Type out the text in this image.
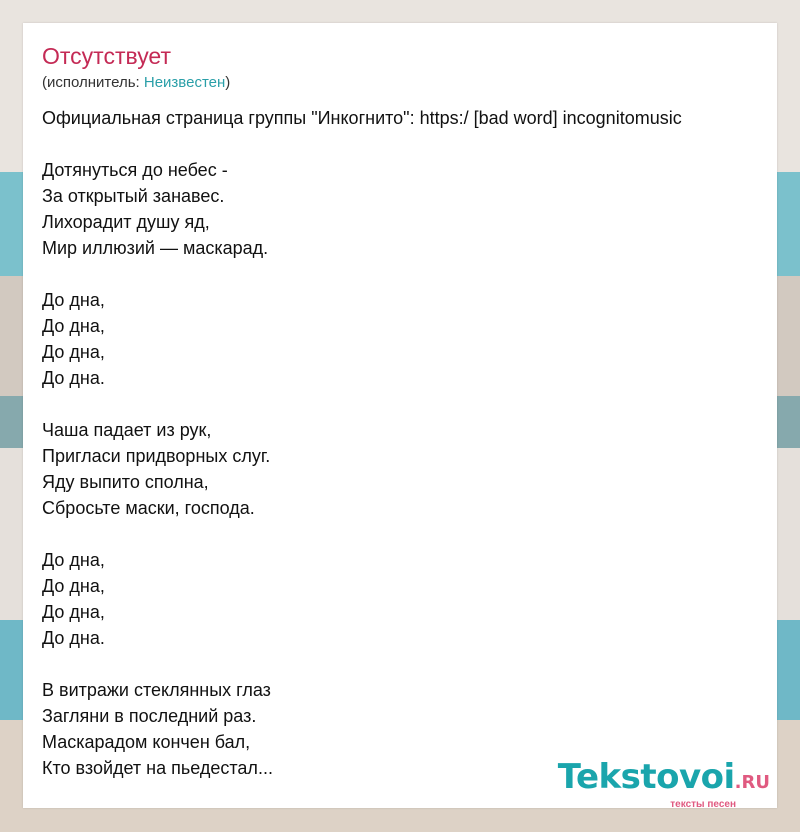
Отсутствует
(исполнитель: Неизвестен)
Официальная страница группы "Инкогнито": https:/ [bad word] incognitomusic

Дотянуться до небес -
За открытый занавес.
Лихорадит душу яд,
Мир иллюзий — маскарад.

До дна,
До дна,
До дна,
До дна.

Чаша падает из рук,
Пригласи придворных слуг.
Яду выпито сполна,
Сбросьте маски, господа.

До дна,
До дна,
До дна,
До дна.

В витражи стеклянных глаз
Загляни в последний раз.
Маскарадом кончен бал,
Кто взойдет на пьедестал...	Tekstovoi.RU
тексты песен
